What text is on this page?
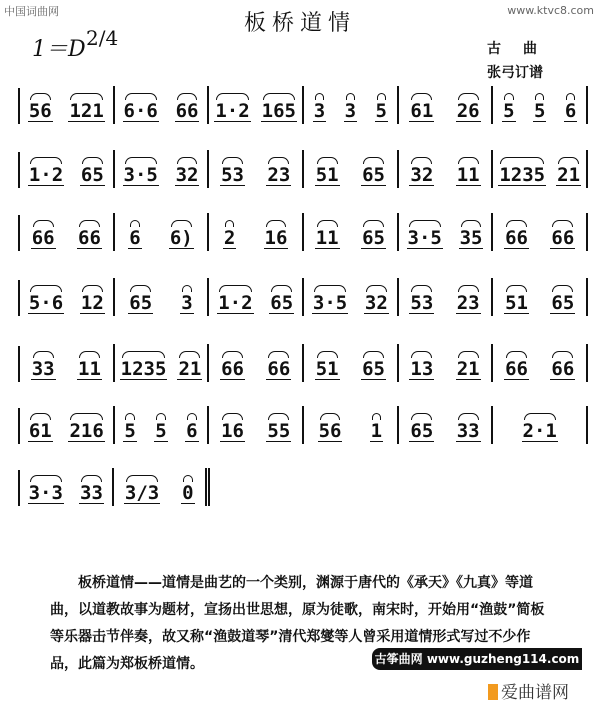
中国词曲网	www.ktvc8.com
板桥道情
1＝D 2/4	古曲
张弓订谱
56 121 6·6 66 1·2 165 3 3 5 61 26 5 5 6
1·2 65 3·5 32 53 23 51 65 32 11 1235 21
66 66 6 6) 2 16 11 65 3·5 35 66 66
5·6 12 65 3 1·2 65 3·5 32 53 23 51 65
33 11 1235 21 66 66 51 65 13 21 66 66
61 216 5 5 6 16 55 56 1 65 33 2·1
3·3 33 3/3 0

板桥道情——道情是曲艺的一个类别，渊源于唐代的《承天》《九真》等道曲，以道教故事为题材，宣扬出世思想，原为徒歌，南宋时，开始用“渔鼓”简板等乐器击节伴奏，故又称“渔鼓道琴”清代郑燮等人曾采用道情形式写过不少作品，此篇为郑板桥道情。	古筝曲网 www.guzheng114.com
爱曲谱网
